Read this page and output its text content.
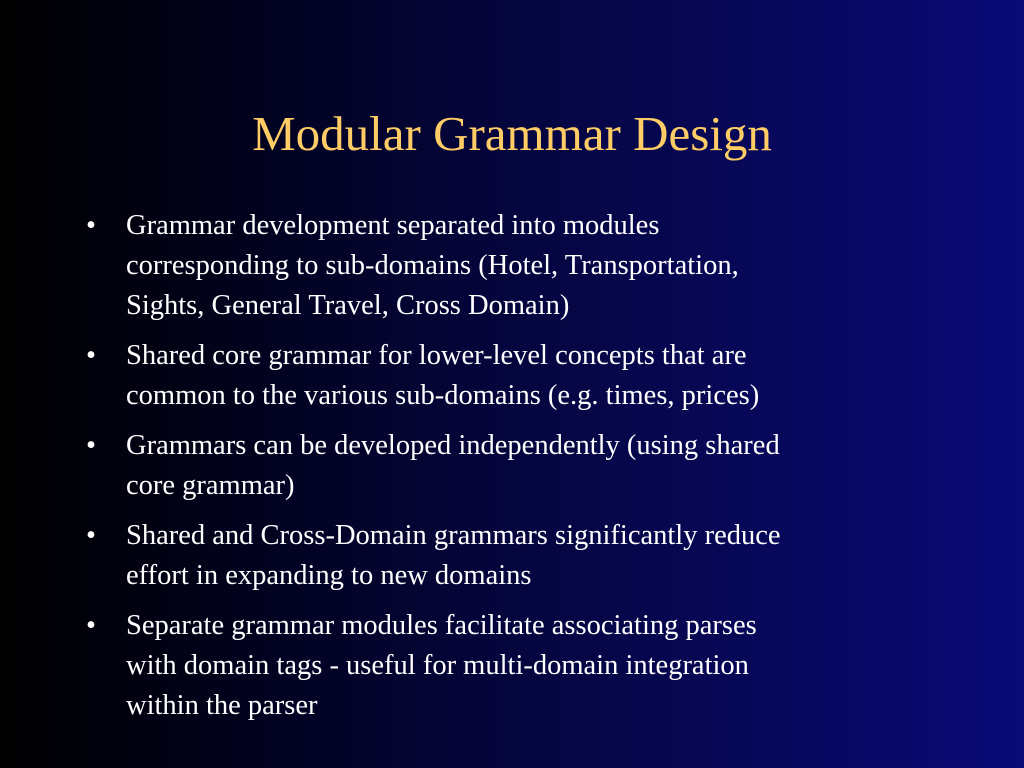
Modular Grammar Design
•	Grammar development separated into modules
corresponding to sub-domains (Hotel, Transportation,
Sights, General Travel, Cross Domain)
•	Shared core grammar for lower-level concepts that are
common to the various sub-domains (e.g. times, prices)
•	Grammars can be developed independently (using shared
core grammar)
•	Shared and Cross-Domain grammars significantly reduce
effort in expanding to new domains
•	Separate grammar modules facilitate associating parses
with domain tags - useful for multi-domain integration
within the parser
